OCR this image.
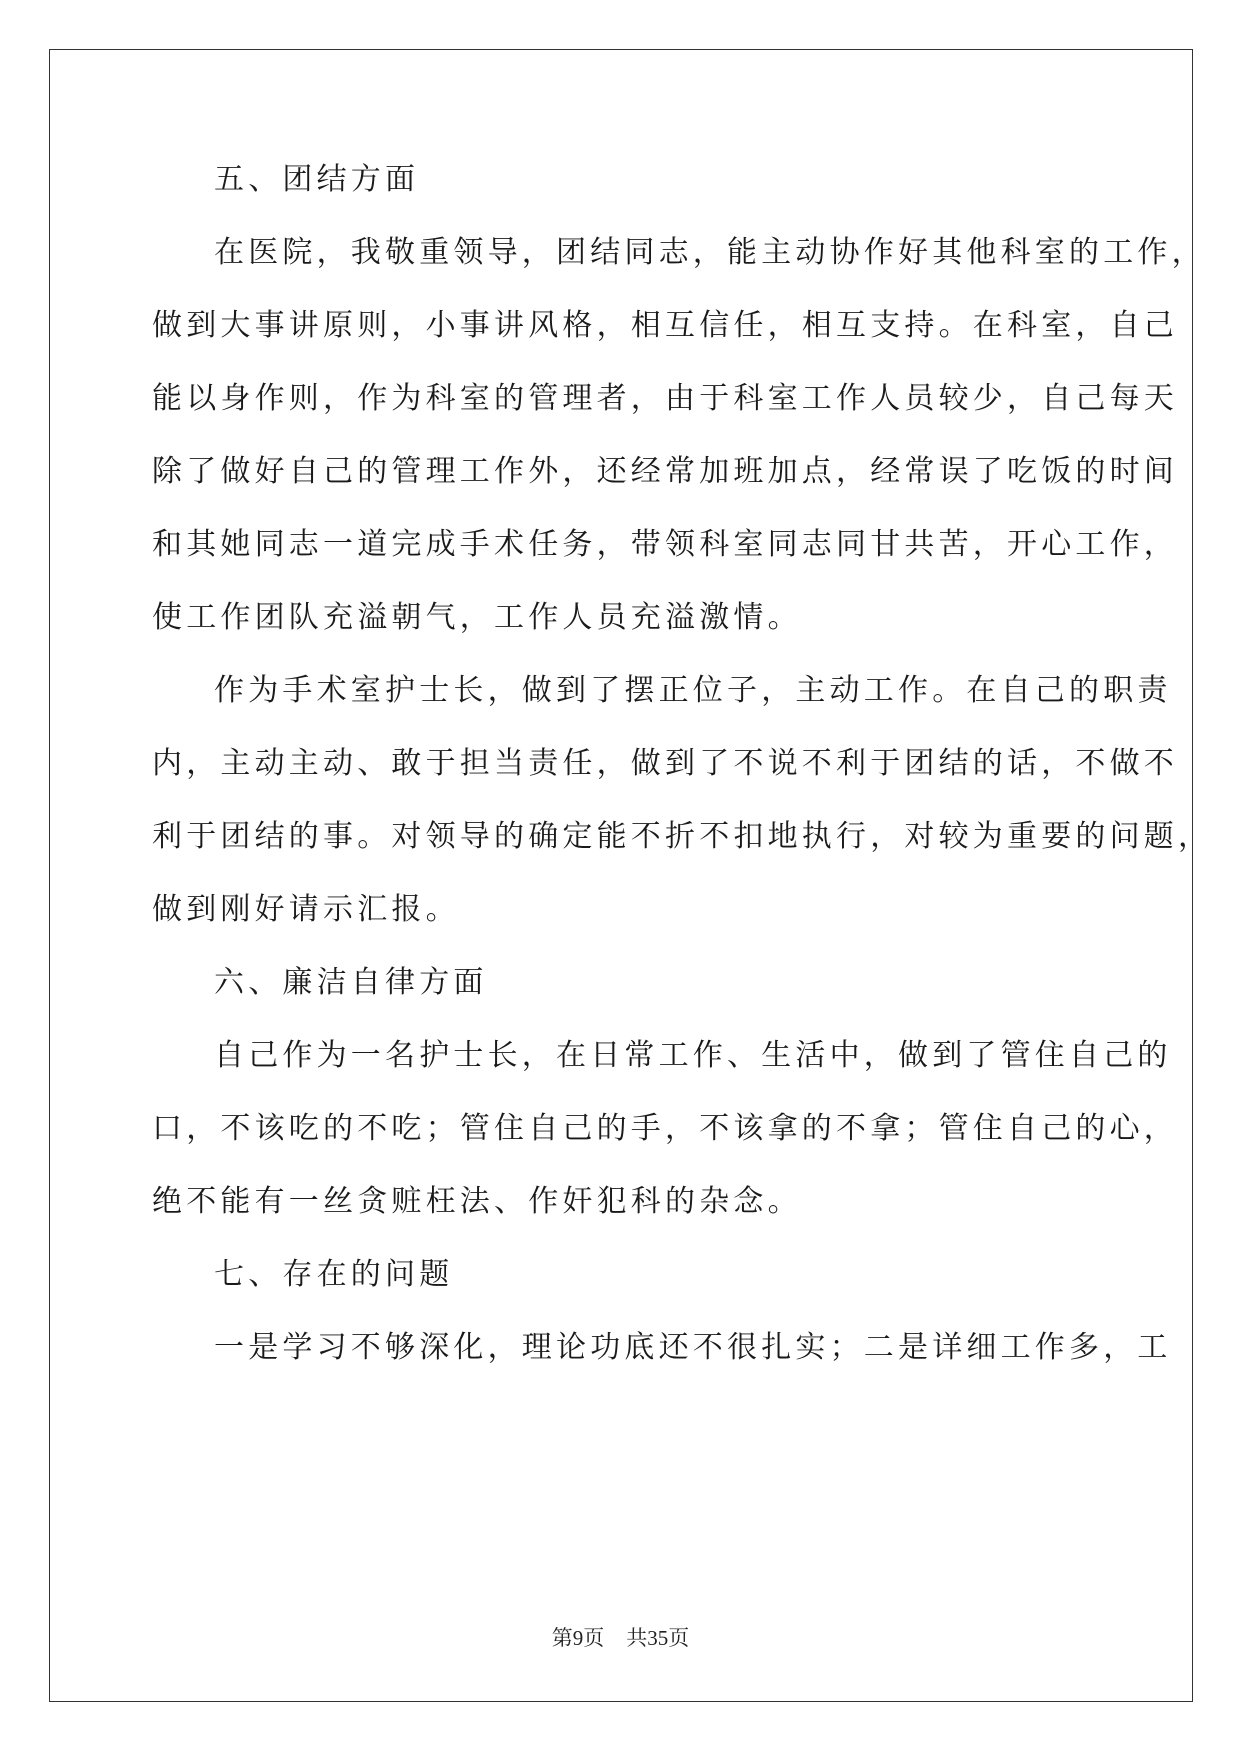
五、团结方面
在医院，我敬重领导，团结同志，能主动协作好其他科室的工作，
做到大事讲原则，小事讲风格，相互信任，相互支持。在科室，自己
能以身作则，作为科室的管理者，由于科室工作人员较少，自己每天
除了做好自己的管理工作外，还经常加班加点，经常误了吃饭的时间
和其她同志一道完成手术任务，带领科室同志同甘共苦，开心工作，
使工作团队充溢朝气，工作人员充溢激情。
作为手术室护士长，做到了摆正位子，主动工作。在自己的职责
内，主动主动、敢于担当责任，做到了不说不利于团结的话，不做不
利于团结的事。对领导的确定能不折不扣地执行，对较为重要的问题，
做到刚好请示汇报。
六、廉洁自律方面
自己作为一名护士长，在日常工作、生活中，做到了管住自己的
口，不该吃的不吃；管住自己的手，不该拿的不拿；管住自己的心，
绝不能有一丝贪赃枉法、作奸犯科的杂念。
七、存在的问题
一是学习不够深化，理论功底还不很扎实；二是详细工作多，工
第9页 共35页
